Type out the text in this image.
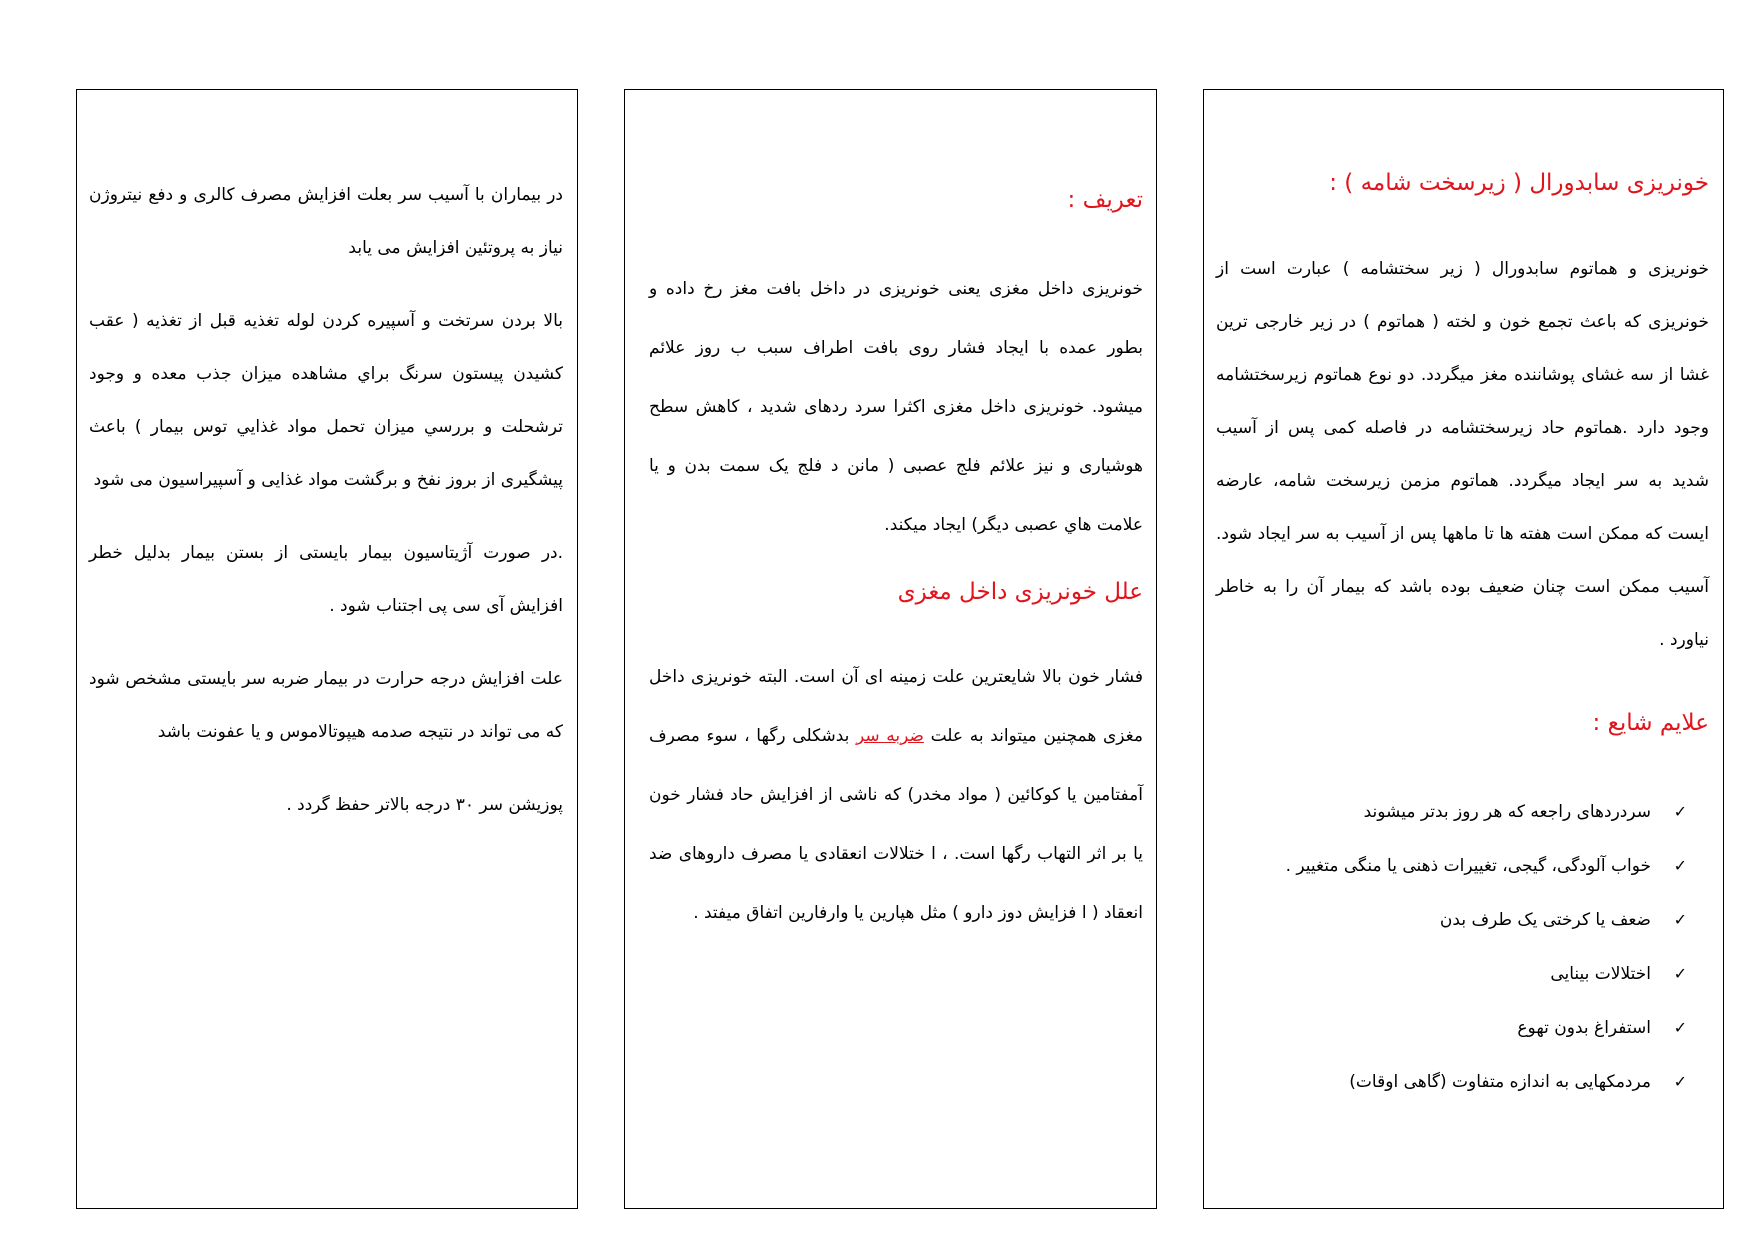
خونریزی سابدورال ( زیرسخت شامه ) :

خونریزی و هماتوم سابدورال ( زیر سختشامه ) عبارت است از خونریزی که باعث تجمع خون و لخته ( هماتوم ) در زیر خارجی ترین غشا از سه غشای پوشاننده مغز میگردد. دو نوع هماتوم زیرسختشامه وجود دارد .هماتوم حاد زیرسختشامه در فاصله کمی پس از آسیب شدید به سر ایجاد میگردد. هماتوم مزمن زیرسخت شامه، عارضه ایست که ممکن است هفته ها تا ماهها پس از آسیب به سر ایجاد شود. آسیب ممکن است چنان ضعیف بوده باشد که بیمار آن را به خاطر نیاورد .

علایم شایع :
✓سردردهای راجعه که هر روز بدتر میشوند
✓خواب آلودگی، گیجی، تغییرات ذهنی یا منگی متغییر .
✓ضعف یا کرختی یک طرف بدن
✓اختلالات بینایی
✓استفراغ بدون تهوع
✓مردمکهایی به اندازه متفاوت (گاهی اوقات)
تعریف :

خونریزی داخل مغزی یعنی خونریزی در داخل بافت مغز رخ داده و بطور عمده با ایجاد فشار روی بافت اطراف سبب ب روز علائم میشود. خونریزی داخل مغزی اکثرا سرد ردهای شدید ، کاهش سطح هوشیاری و نیز علائم فلج عصبی ( مانن د فلج یک سمت بدن و یا علامت هاي عصبی دیگر) ایجاد میکند.

علل خونریزی داخل مغزی

فشار خون بالا شایعترین علت زمینه ای آن است. البته خونریزی داخل مغزی همچنین میتواند به علت ضربه سر بدشکلی رگها ، سوء مصرف آمفتامین یا کوکائین ( مواد مخدر) که ناشی از افزایش حاد فشار خون یا بر اثر التهاب رگها است. ، ا ختلالات انعقادی یا مصرف داروهای ضد انعقاد ( ا فزایش دوز دارو ) مثل هپارین یا وارفارین اتفاق میفتد .

در بیماران با آسیب سر بعلت افزایش مصرف کالری و دفع نیتروژن نیاز به پروتئین افزایش می یابد

بالا بردن سرتخت و آسپیره کردن لوله تغذیه قبل از تغذیه ( عقب کشیدن پیستون سرنگ براي مشاهده میزان جذب معده و وجود ترشحلت و بررسي میزان تحمل مواد غذايي توس بیمار ) باعث پیشگیری از بروز نفخ و برگشت مواد غذایی و آسپیراسیون می شود

.در صورت آژیتاسیون بیمار بایستی از بستن بیمار بدلیل خطر افزایش آی سی پی اجتناب شود .

علت افزایش درجه حرارت در بیمار ضربه سر بایستی مشخص شود که می تواند در نتیجه صدمه هیپوتالاموس و یا عفونت باشد

پوزیشن سر ۳۰ درجه بالاتر حفظ گردد .
